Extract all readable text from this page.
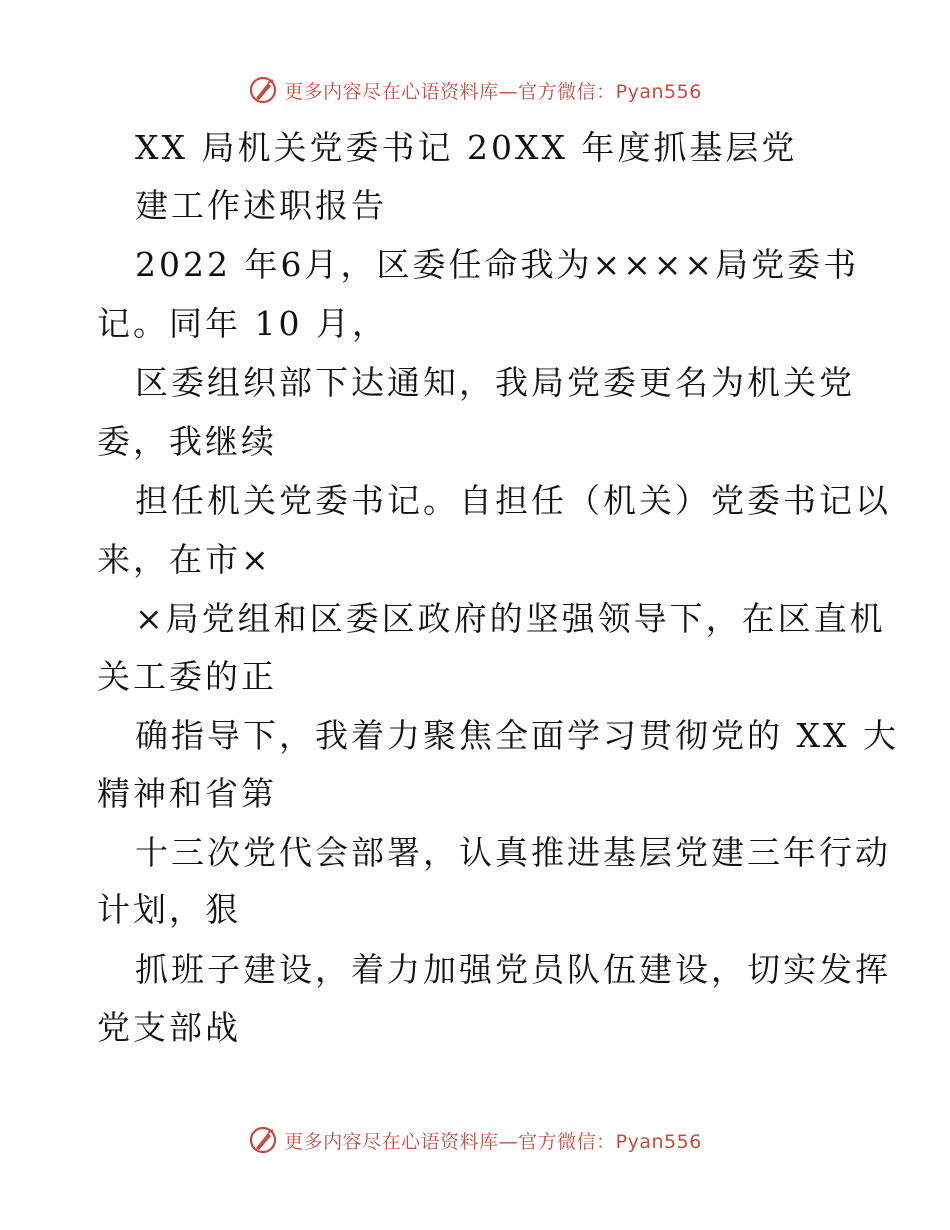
更多内容尽在心语资料库—官方微信：Pyan556
XX 局机关党委书记 20XX 年度抓基层党
建工作述职报告
2022 年6月，区委任命我为××××局党委书
记。同年 10 月，
区委组织部下达通知，我局党委更名为机关党
委，我继续
担任机关党委书记。自担任（机关）党委书记以
来，在市×
×局党组和区委区政府的坚强领导下，在区直机
关工委的正
确指导下，我着力聚焦全面学习贯彻党的 XX 大
精神和省第
十三次党代会部署，认真推进基层党建三年行动
计划，狠
抓班子建设，着力加强党员队伍建设，切实发挥
党支部战
更多内容尽在心语资料库—官方微信：Pyan556
